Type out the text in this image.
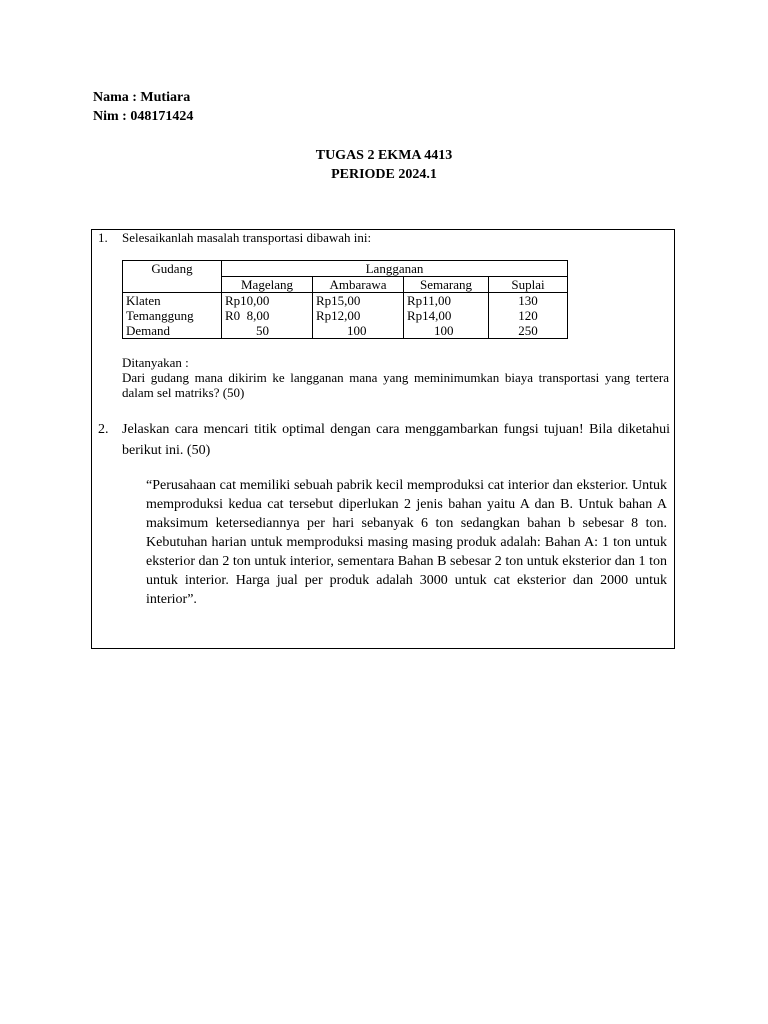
Nama : Mutiara
Nim : 048171424
TUGAS 2 EKMA 4413
PERIODE 2024.1
1. Selesaikanlah masalah transportasi dibawah ini:
Gudang	Langganan			
	Magelang	Ambarawa	Semarang	Suplai
Klaten	Rp10,00	Rp15,00	Rp11,00	130
Temanggung	R0  8,00	Rp12,00	Rp14,00	120
Demand	50	100	100	250
Ditanyakan :
Dari gudang mana dikirim ke langganan mana yang meminimumkan biaya transportasi yang tertera dalam sel matriks? (50)
2. Jelaskan cara mencari titik optimal dengan cara menggambarkan fungsi tujuan! Bila diketahui berikut ini. (50)
“Perusahaan cat memiliki sebuah pabrik kecil memproduksi cat interior dan eksterior. Untuk memproduksi kedua cat tersebut diperlukan 2 jenis bahan yaitu A dan B. Untuk bahan A maksimum ketersediannya per hari sebanyak 6 ton sedangkan bahan b sebesar 8 ton. Kebutuhan harian untuk memproduksi masing masing produk adalah: Bahan A: 1 ton untuk eksterior dan 2 ton untuk interior, sementara Bahan B sebesar 2 ton untuk eksterior dan 1 ton untuk interior. Harga jual per produk adalah 3000 untuk cat eksterior dan 2000 untuk interior”.
